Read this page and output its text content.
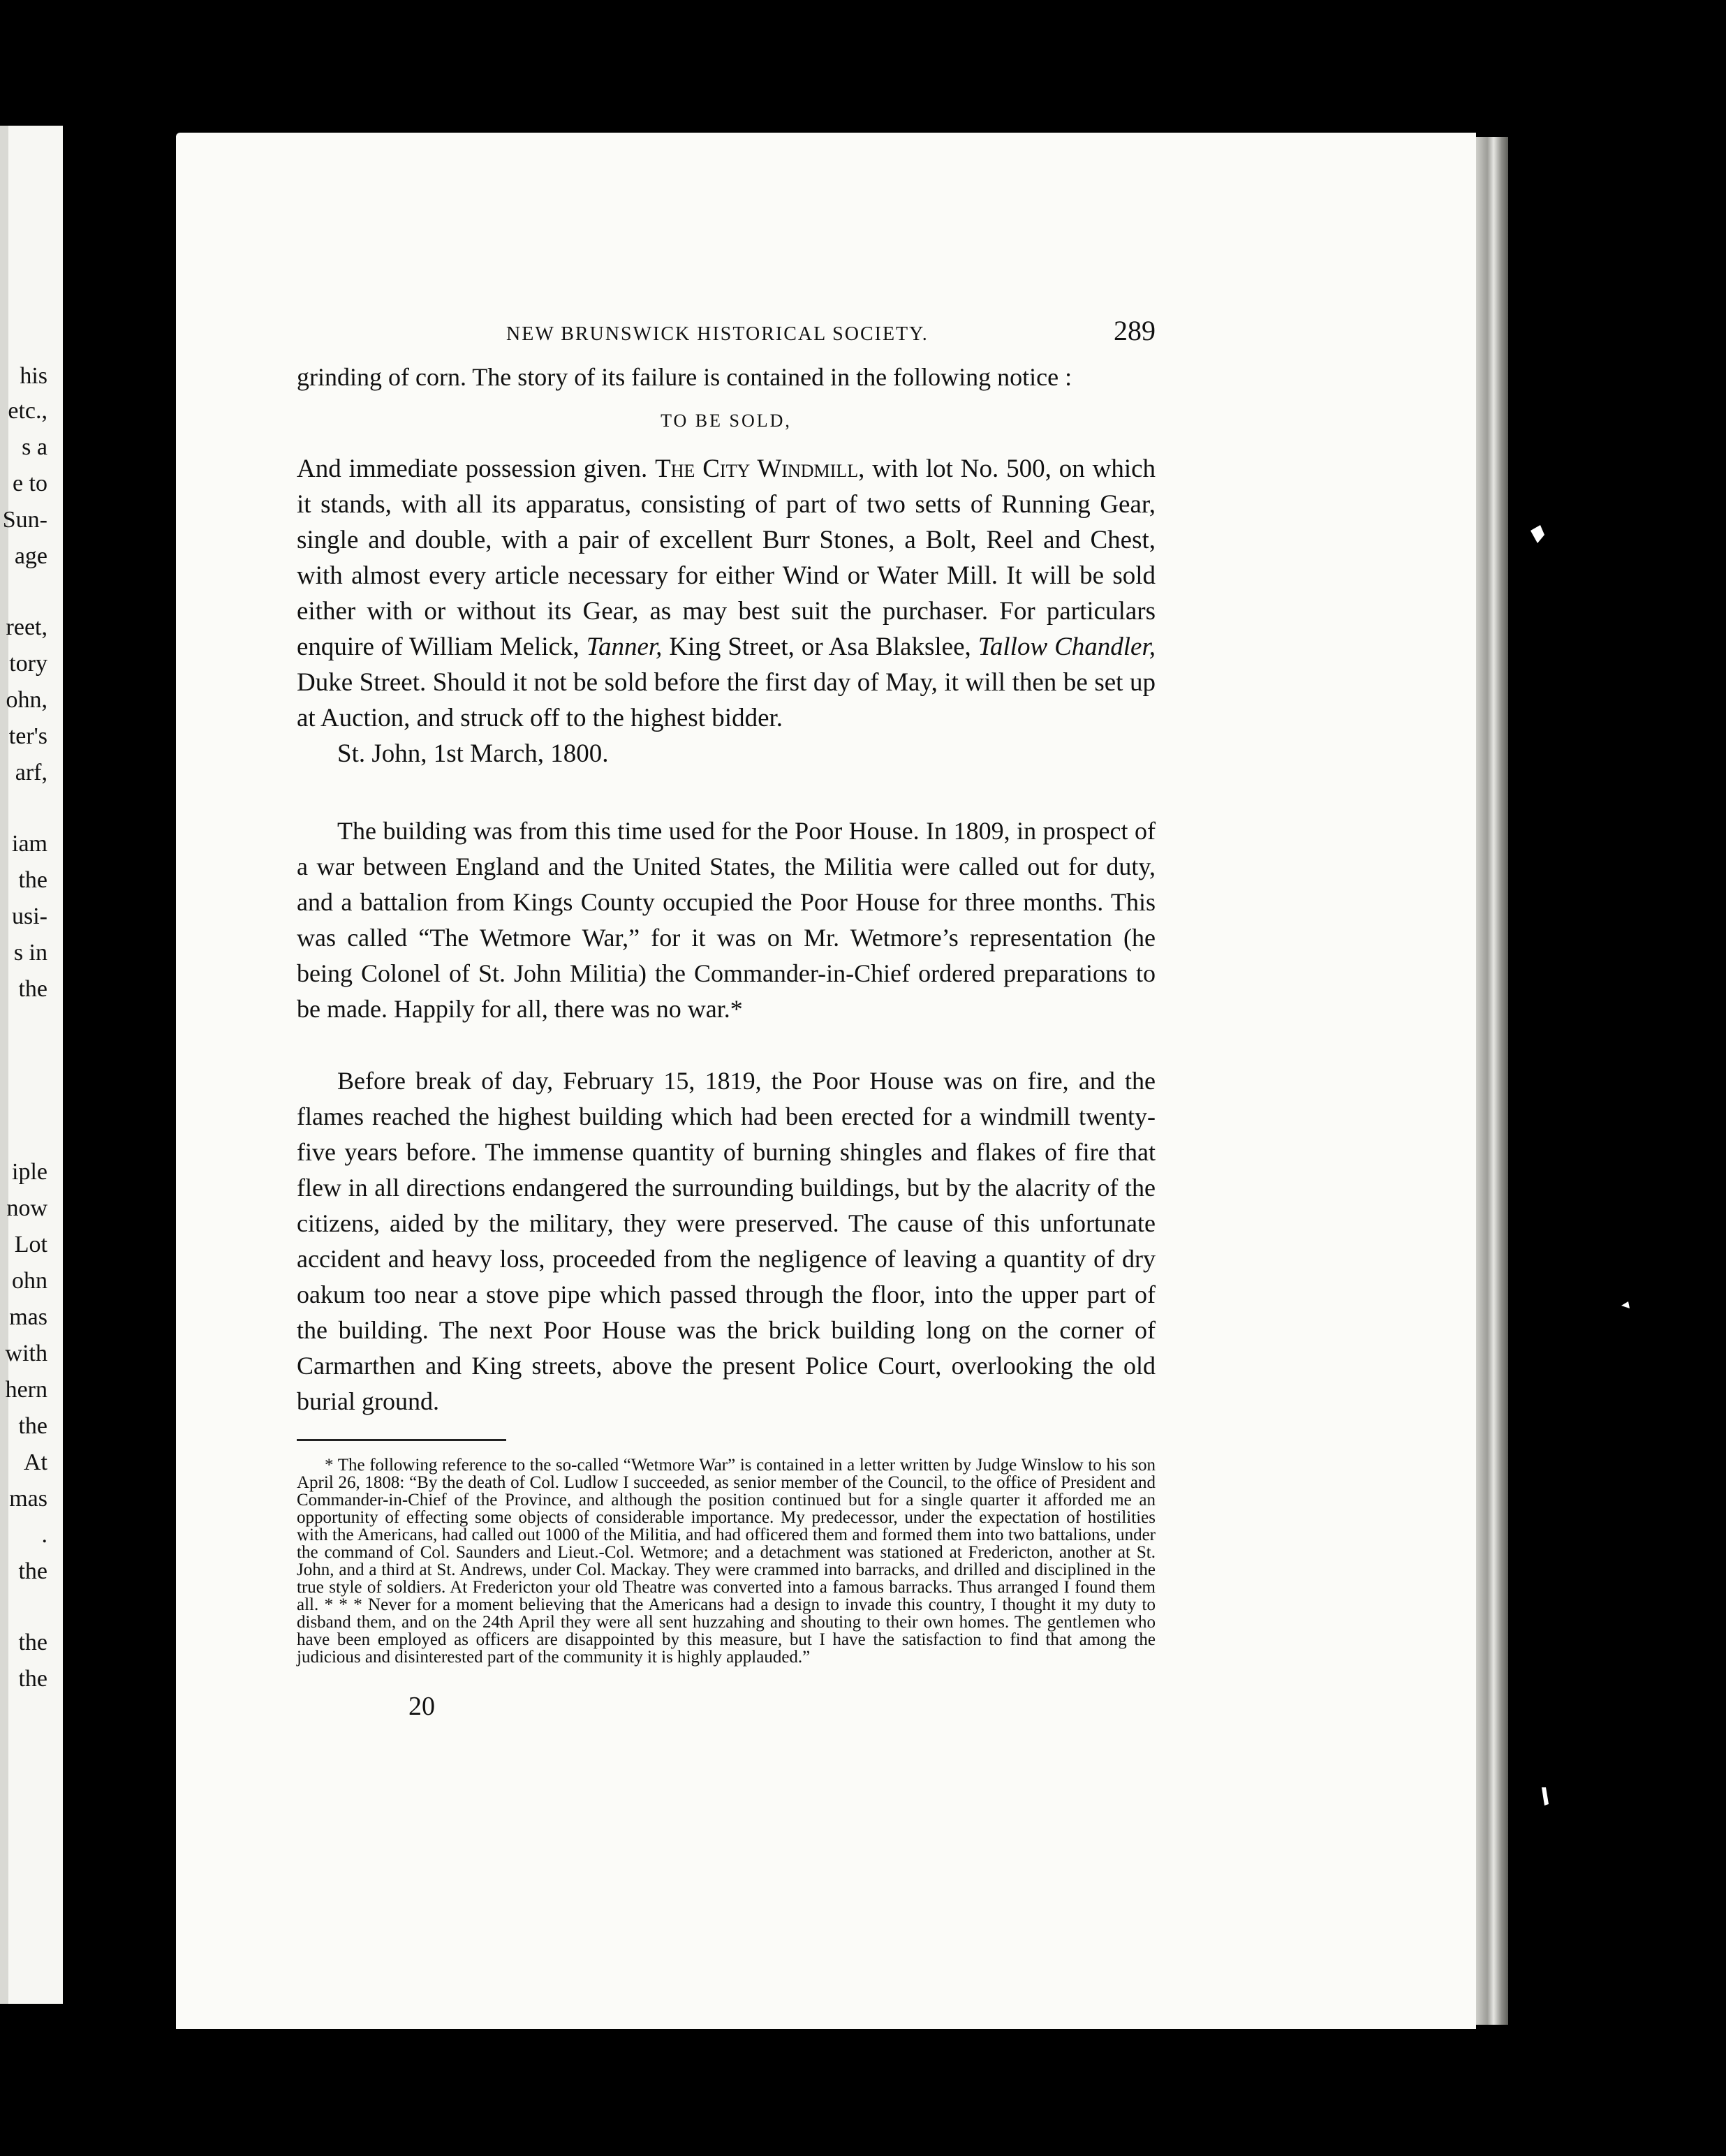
his
etc.,
s a
e to
Sun-
age
reet,
tory
ohn,
ter's
arf,
iam
the
usi-
s in
the
iple
now
Lot
ohn
mas
with
hern
the
At
mas
.
the
the
the
NEW BRUNSWICK HISTORICAL SOCIETY.	289

grinding of corn. The story of its failure is contained in the following notice :

TO BE SOLD,

And immediate possession given. The City Windmill, with lot No. 500, on which it stands, with all its apparatus, consisting of part of two setts of Running Gear, single and double, with a pair of excellent Burr Stones, a Bolt, Reel and Chest, with almost every article necessary for either Wind or Water Mill. It will be sold either with or without its Gear, as may best suit the purchaser. For particulars enquire of William Melick, Tanner, King Street, or Asa Blakslee, Tallow Chandler, Duke Street. Should it not be sold before the first day of May, it will then be set up at Auction, and struck off to the highest bidder.

St. John, 1st March, 1800.

The building was from this time used for the Poor House. In 1809, in prospect of a war between England and the United States, the Militia were called out for duty, and a battalion from Kings County occupied the Poor House for three months. This was called “The Wetmore War,” for it was on Mr. Wetmore’s representation (he being Colonel of St. John Militia) the Commander-in-Chief ordered preparations to be made. Happily for all, there was no war.*

Before break of day, February 15, 1819, the Poor House was on fire, and the flames reached the highest building which had been erected for a windmill twenty-five years before. The immense quantity of burning shingles and flakes of fire that flew in all directions endangered the surrounding buildings, but by the alacrity of the citizens, aided by the military, they were preserved. The cause of this unfortunate accident and heavy loss, proceeded from the negligence of leaving a quantity of dry oakum too near a stove pipe which passed through the floor, into the upper part of the building. The next Poor House was the brick building long on the corner of Carmarthen and King streets, above the present Police Court, overlooking the old burial ground.

* The following reference to the so-called “Wetmore War” is contained in a letter written by Judge Winslow to his son April 26, 1808: “By the death of Col. Ludlow I succeeded, as senior member of the Council, to the office of President and Commander-in-Chief of the Province, and although the position continued but for a single quarter it afforded me an opportunity of effecting some objects of considerable importance. My predecessor, under the expectation of hostilities with the Americans, had called out 1000 of the Militia, and had officered them and formed them into two battalions, under the command of Col. Saunders and Lieut.-Col. Wetmore; and a detachment was stationed at Fredericton, another at St. John, and a third at St. Andrews, under Col. Mackay. They were crammed into barracks, and drilled and disciplined in the true style of soldiers. At Fredericton your old Theatre was converted into a famous barracks. Thus arranged I found them all. * * * Never for a moment believing that the Americans had a design to invade this country, I thought it my duty to disband them, and on the 24th April they were all sent huzzahing and shouting to their own homes. The gentlemen who have been employed as officers are disappointed by this measure, but I have the satisfaction to find that among the judicious and disinterested part of the community it is highly applauded.”

20
